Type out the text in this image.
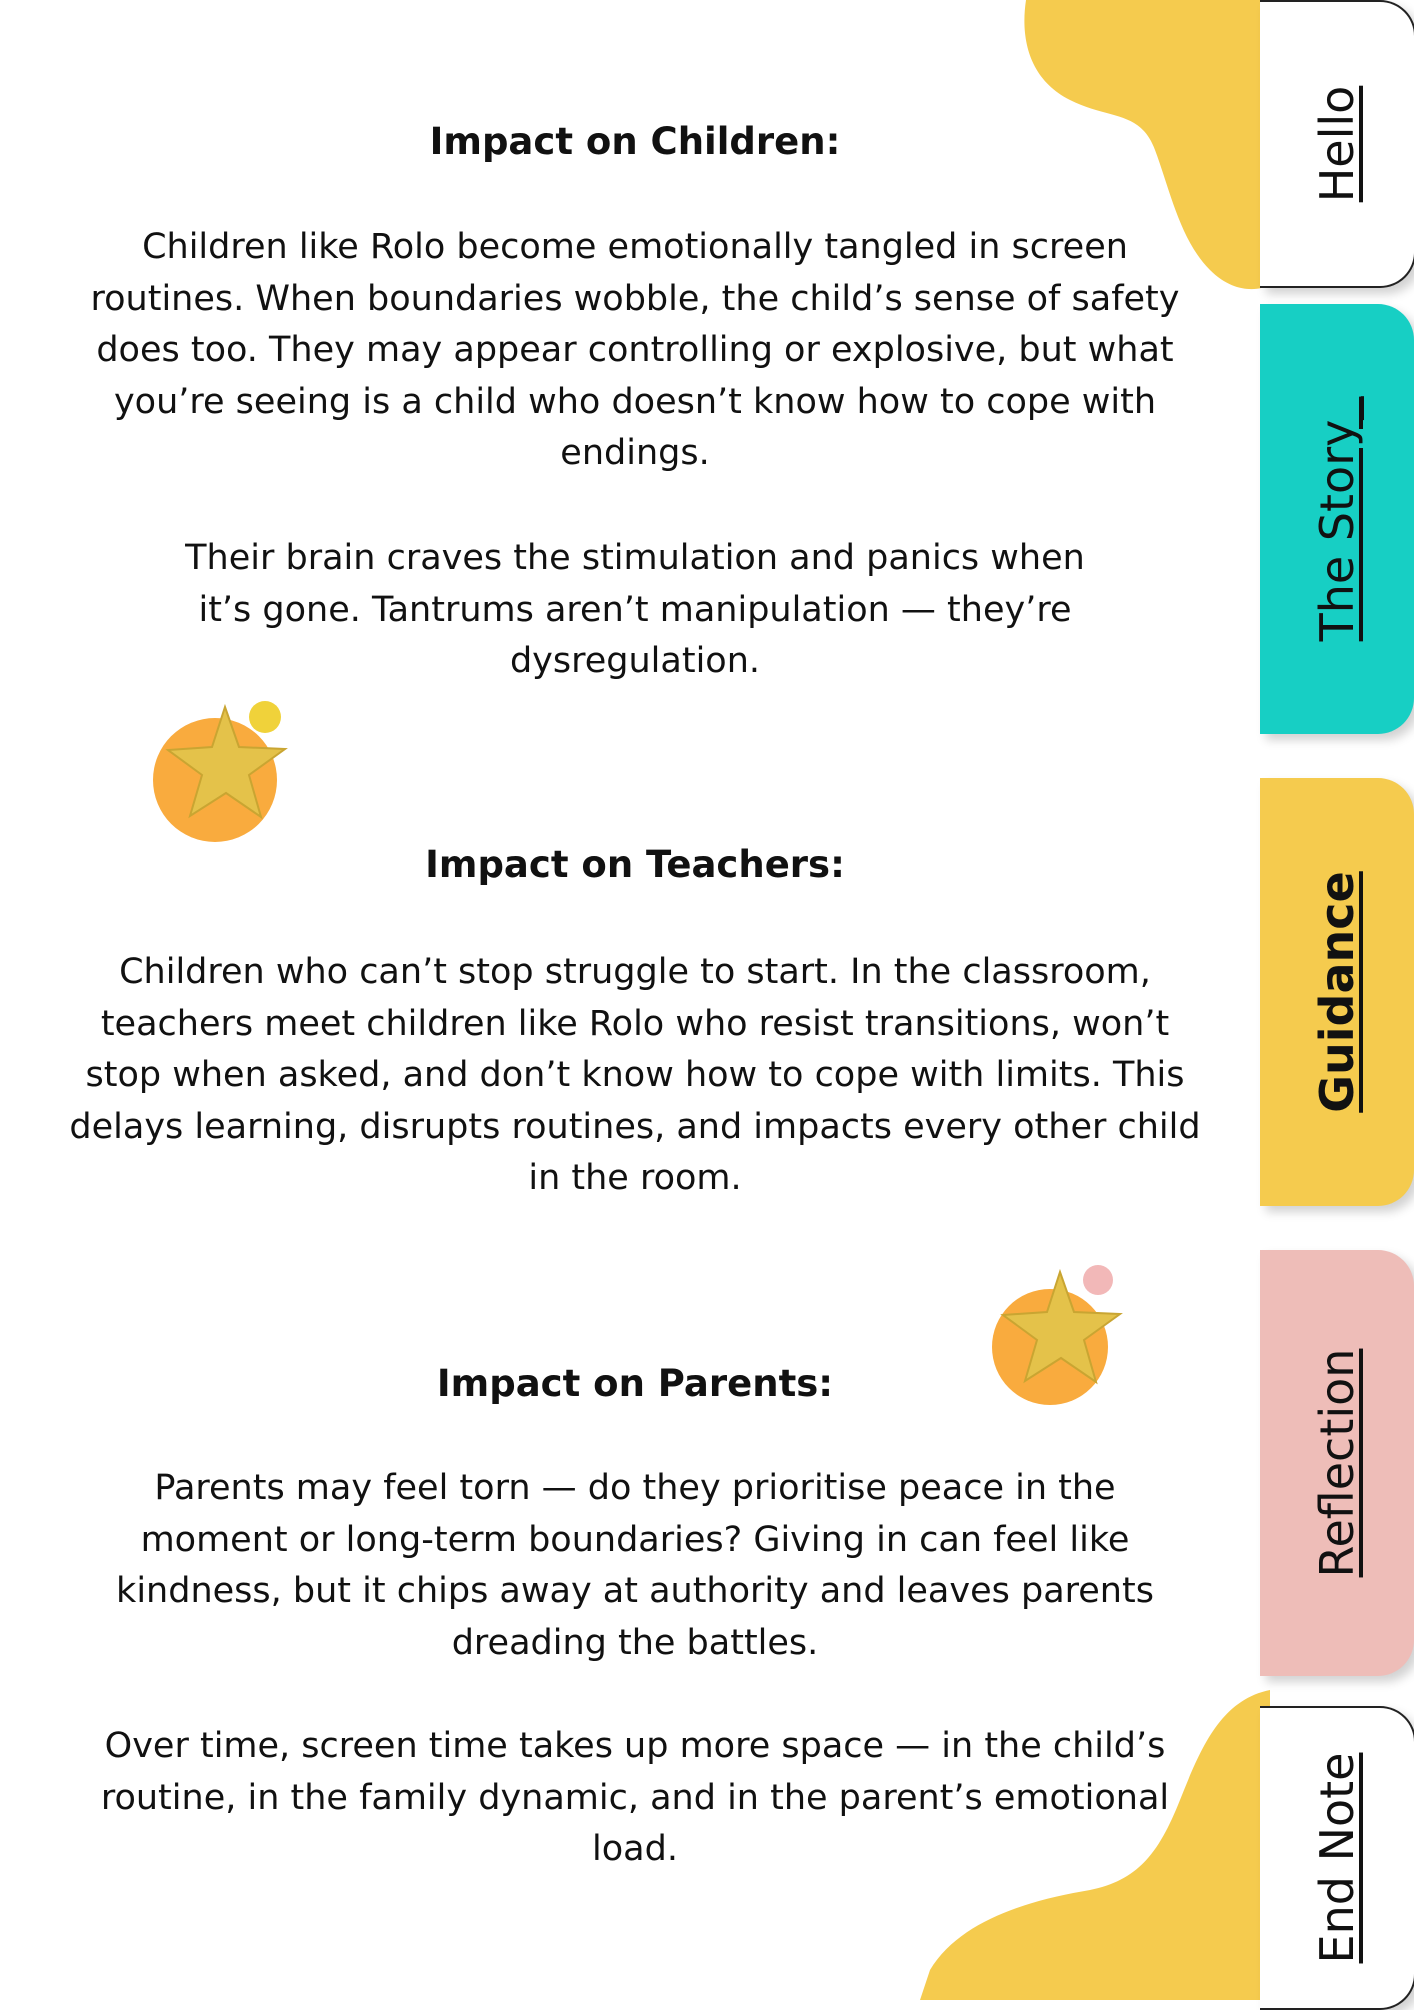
Impact on Children:

Children like Rolo become emotionally tangled in screen routines. When boundaries wobble, the child’s sense of safety does too. They may appear controlling or explosive, but what you’re seeing is a child who doesn’t know how to cope with endings.

Their brain craves the stimulation and panics when it’s gone. Tantrums aren’t manipulation — they’re dysregulation.

Impact on Teachers:

Children who can’t stop struggle to start. In the classroom, teachers meet children like Rolo who resist transitions, won’t stop when asked, and don’t know how to cope with limits. This delays learning, disrupts routines, and impacts every other child in the room.

Impact on Parents:

Parents may feel torn — do they prioritise peace in the moment or long-term boundaries? Giving in can feel like kindness, but it chips away at authority and leaves parents dreading the battles.

Over time, screen time takes up more space — in the child’s routine, in the family dynamic, and in the parent’s emotional load.

Hello
The Story_
Guidance
Reflection
End Note
